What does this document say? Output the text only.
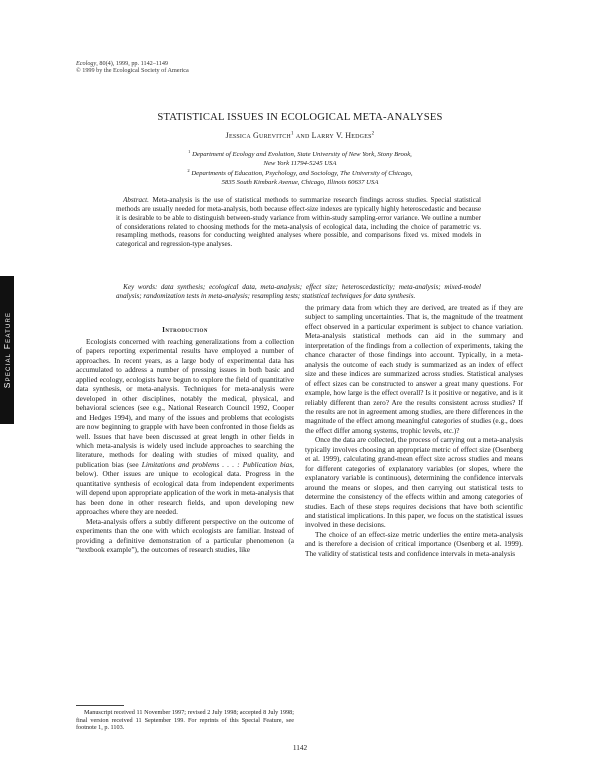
Ecology, 80(4), 1999, pp. 1142–1149
© 1999 by the Ecological Society of America
STATISTICAL ISSUES IN ECOLOGICAL META-ANALYSES
Jessica Gurevitch$^1$ and Larry V. Hedges$^2$
$^1$ Department of Ecology and Evolution, State University of New York, Stony Brook,
New York 11794-5245 USA
$^2$ Departments of Education, Psychology, and Sociology, The University of Chicago,
5835 South Kimbark Avenue, Chicago, Illinois 60637 USA

 Abstract.  Meta-analysis is the use of statistical methods to summarize research findings across studies. Special statistical methods are usually needed for meta-analysis, both because effect-size indexes are typically highly heteroscedastic and because it is desirable to be able to distinguish between-study variance from within-study sampling-error variance. We outline a number of considerations related to choosing methods for the meta-analysis of ecological data, including the choice of parametric vs. resampling methods, reasons for conducting weighted analyses where possible, and comparisons fixed vs. mixed models in categorical and regression-type analyses.

 Key words:  data synthesis; ecological data, meta-analysis; effect size; heteroscedasticity; meta-analysis; mixed-model analysis; randomization tests in meta-analysis; resampling tests; statistical techniques for data synthesis.

Special Feature	Introduction

Ecologists concerned with reaching generalizations from a collection of papers reporting experimental results have employed a number of approaches. In recent years, as a large body of experimental data has accumulated to address a number of pressing issues in both basic and applied ecology, ecologists have begun to explore the field of quantitative data synthesis, or meta-analysis. Techniques for meta-analysis were developed in other disciplines, notably the medical, physical, and behavioral sciences (see e.g., National Research Council 1992, Cooper and Hedges 1994), and many of the issues and problems that ecologists are now beginning to grapple with have been confronted in those fields as well. Issues that have been discussed at great length in other fields in which meta-analysis is widely used include approaches to searching the literature, methods for dealing with studies of mixed quality, and publication bias (see Limitations and problems . . . : Publication bias, below). Other issues are unique to ecological data. Progress in the quantitative synthesis of ecological data from independent experiments will depend upon appropriate application of the work in meta-analysis that has been done in other research fields, and upon developing new approaches where they are needed.

Meta-analysis offers a subtly different perspective on the outcome of experiments than the one with which ecologists are familiar. Instead of providing a definitive demonstration of a particular phenomenon (a “textbook example”), the outcomes of research studies, like

Manuscript received 11 November 1997; revised 2 July 1998; accepted 8 July 1998; final version received 11 September 199. For reprints of this Special Feature, see footnote 1, p. 1103.

the primary data from which they are derived, are treated as if they are subject to sampling uncertainties. That is, the magnitude of the treatment effect observed in a particular experiment is subject to chance variation. Meta-analysis statistical methods can aid in the summary and interpretation of the findings from a collection of experiments, taking the chance character of those findings into account. Typically, in a meta-analysis the outcome of each study is summarized as an index of effect size and these indices are summarized across studies. Statistical analyses of effect sizes can be constructed to answer a great many questions. For example, how large is the effect overall? Is it positive or negative, and is it reliably different than zero? Are the results consistent across studies? If the results are not in agreement among studies, are there differences in the magnitude of the effect among meaningful categories of studies (e.g., does the effect differ among systems, trophic levels, etc.)?

Once the data are collected, the process of carrying out a meta-analysis typically involves choosing an appropriate metric of effect size (Osenberg et al. 1999), calculating grand-mean effect size across studies and means for different categories of explanatory variables (or slopes, where the explanatory variable is continuous), determining the confidence intervals around the means or slopes, and then carrying out statistical tests to determine the consistency of the effects within and among categories of studies. Each of these steps requires decisions that have both scientific and statistical implications. In this paper, we focus on the statistical issues involved in these decisions.

The choice of an effect-size metric underlies the entire meta-analysis and is therefore a decision of critical importance (Osenberg et al. 1999). The validity of statistical tests and confidence intervals in meta-analysis

1142
